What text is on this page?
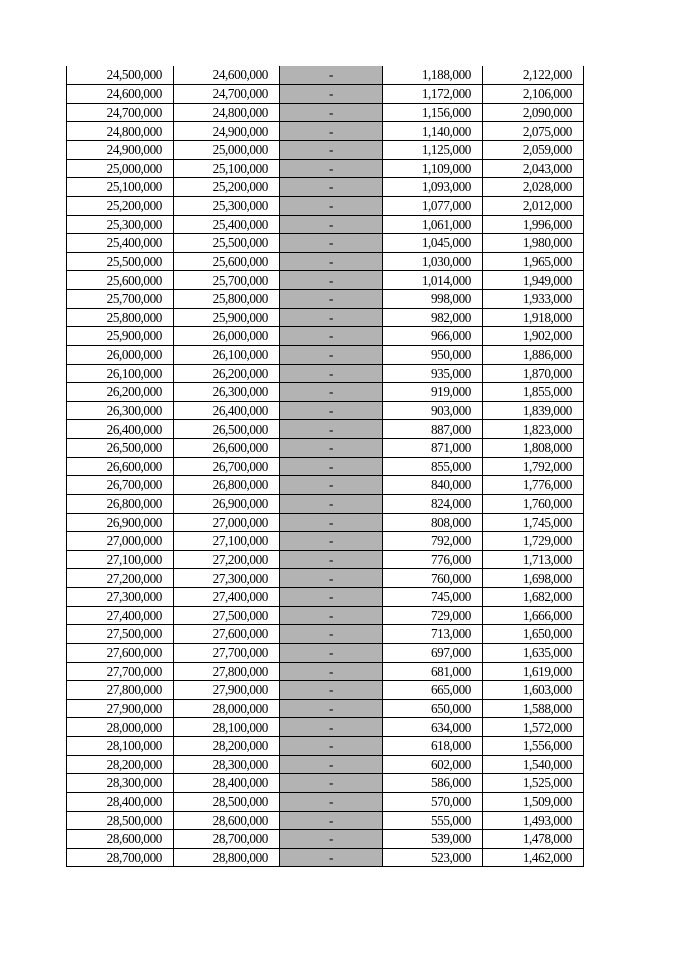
24,500,000	24,600,000	-	1,188,000	2,122,000
24,600,000	24,700,000	-	1,172,000	2,106,000
24,700,000	24,800,000	-	1,156,000	2,090,000
24,800,000	24,900,000	-	1,140,000	2,075,000
24,900,000	25,000,000	-	1,125,000	2,059,000
25,000,000	25,100,000	-	1,109,000	2,043,000
25,100,000	25,200,000	-	1,093,000	2,028,000
25,200,000	25,300,000	-	1,077,000	2,012,000
25,300,000	25,400,000	-	1,061,000	1,996,000
25,400,000	25,500,000	-	1,045,000	1,980,000
25,500,000	25,600,000	-	1,030,000	1,965,000
25,600,000	25,700,000	-	1,014,000	1,949,000
25,700,000	25,800,000	-	998,000	1,933,000
25,800,000	25,900,000	-	982,000	1,918,000
25,900,000	26,000,000	-	966,000	1,902,000
26,000,000	26,100,000	-	950,000	1,886,000
26,100,000	26,200,000	-	935,000	1,870,000
26,200,000	26,300,000	-	919,000	1,855,000
26,300,000	26,400,000	-	903,000	1,839,000
26,400,000	26,500,000	-	887,000	1,823,000
26,500,000	26,600,000	-	871,000	1,808,000
26,600,000	26,700,000	-	855,000	1,792,000
26,700,000	26,800,000	-	840,000	1,776,000
26,800,000	26,900,000	-	824,000	1,760,000
26,900,000	27,000,000	-	808,000	1,745,000
27,000,000	27,100,000	-	792,000	1,729,000
27,100,000	27,200,000	-	776,000	1,713,000
27,200,000	27,300,000	-	760,000	1,698,000
27,300,000	27,400,000	-	745,000	1,682,000
27,400,000	27,500,000	-	729,000	1,666,000
27,500,000	27,600,000	-	713,000	1,650,000
27,600,000	27,700,000	-	697,000	1,635,000
27,700,000	27,800,000	-	681,000	1,619,000
27,800,000	27,900,000	-	665,000	1,603,000
27,900,000	28,000,000	-	650,000	1,588,000
28,000,000	28,100,000	-	634,000	1,572,000
28,100,000	28,200,000	-	618,000	1,556,000
28,200,000	28,300,000	-	602,000	1,540,000
28,300,000	28,400,000	-	586,000	1,525,000
28,400,000	28,500,000	-	570,000	1,509,000
28,500,000	28,600,000	-	555,000	1,493,000
28,600,000	28,700,000	-	539,000	1,478,000
28,700,000	28,800,000	-	523,000	1,462,000
